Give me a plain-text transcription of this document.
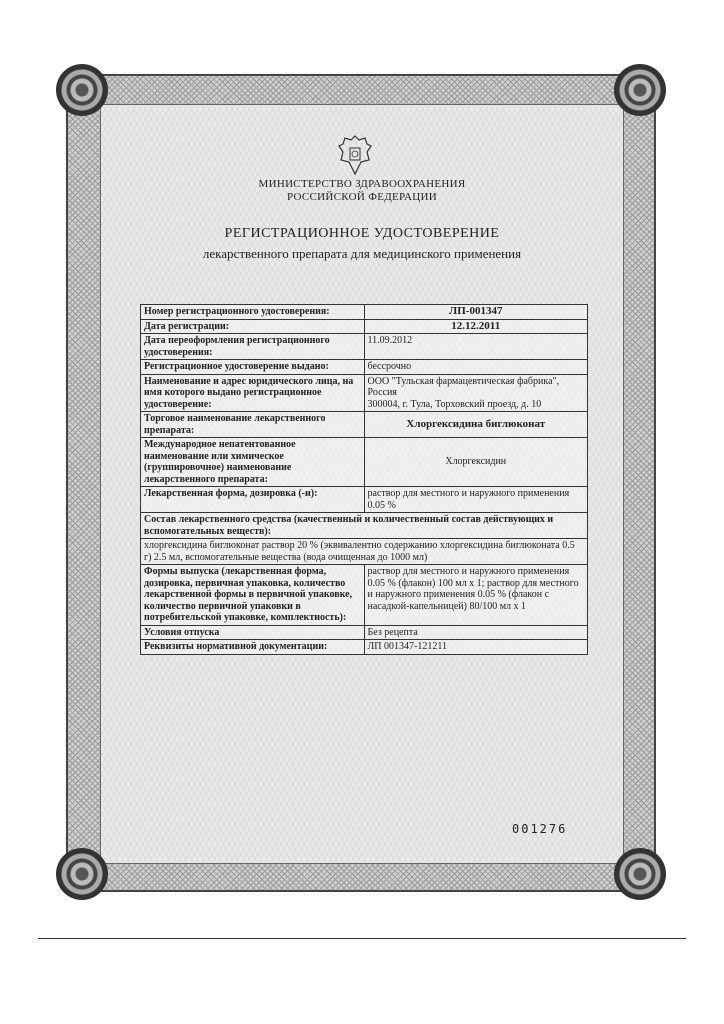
МИНИСТЕРСТВО ЗДРАВООХРАНЕНИЯ
РОССИЙСКОЙ ФЕДЕРАЦИИ
РЕГИСТРАЦИОННОЕ УДОСТОВЕРЕНИЕ
лекарственного препарата для медицинского применения
Номер регистрационного удостоверения:	ЛП-001347
Дата регистрации:	12.12.2011
Дата переоформления регистрационного удостоверения:	11.09.2012
Регистрационное удостоверение выдано:	бессрочно
Наименование и адрес юридического лица, на имя которого выдано регистрационное удостоверение:	ООО "Тульская фармацевтическая фабрика",
Россия
300004, г. Тула, Торховский проезд, д. 10

Торговое наименование лекарственного препарата:	Хлоргексидина биглюконат
Международное непатентованное наименование или химическое (группировочное) наименование лекарственного препарата:	Хлоргексидин
Лекарственная форма, дозировка (-и):	раствор для местного и наружного применения 0.05 %
Состав лекарственного средства (качественный и количественный состав действующих и вспомогательных веществ):	
хлоргексидина биглюконат раствор 20 % (эквивалентно содержанию хлоргексидина биглюконата 0.5 г) 2.5 мл, вспомогательные вещества (вода очищенная до 1000 мл)	
Формы выпуска (лекарственная форма, дозировка, первичная упаковка, количество лекарственной формы в первичной упаковке, количество первичной упаковки в потребительской упаковке, комплектность):	раствор для местного и наружного применения 0.05 % (флакон) 100 мл x 1; раствор для местного и наружного применения 0.05 % (флакон с насадкой-капельницей) 80/100 мл x 1
Условия отпуска	Без рецепта
Реквизиты нормативной документации:	ЛП 001347-121211
001276
